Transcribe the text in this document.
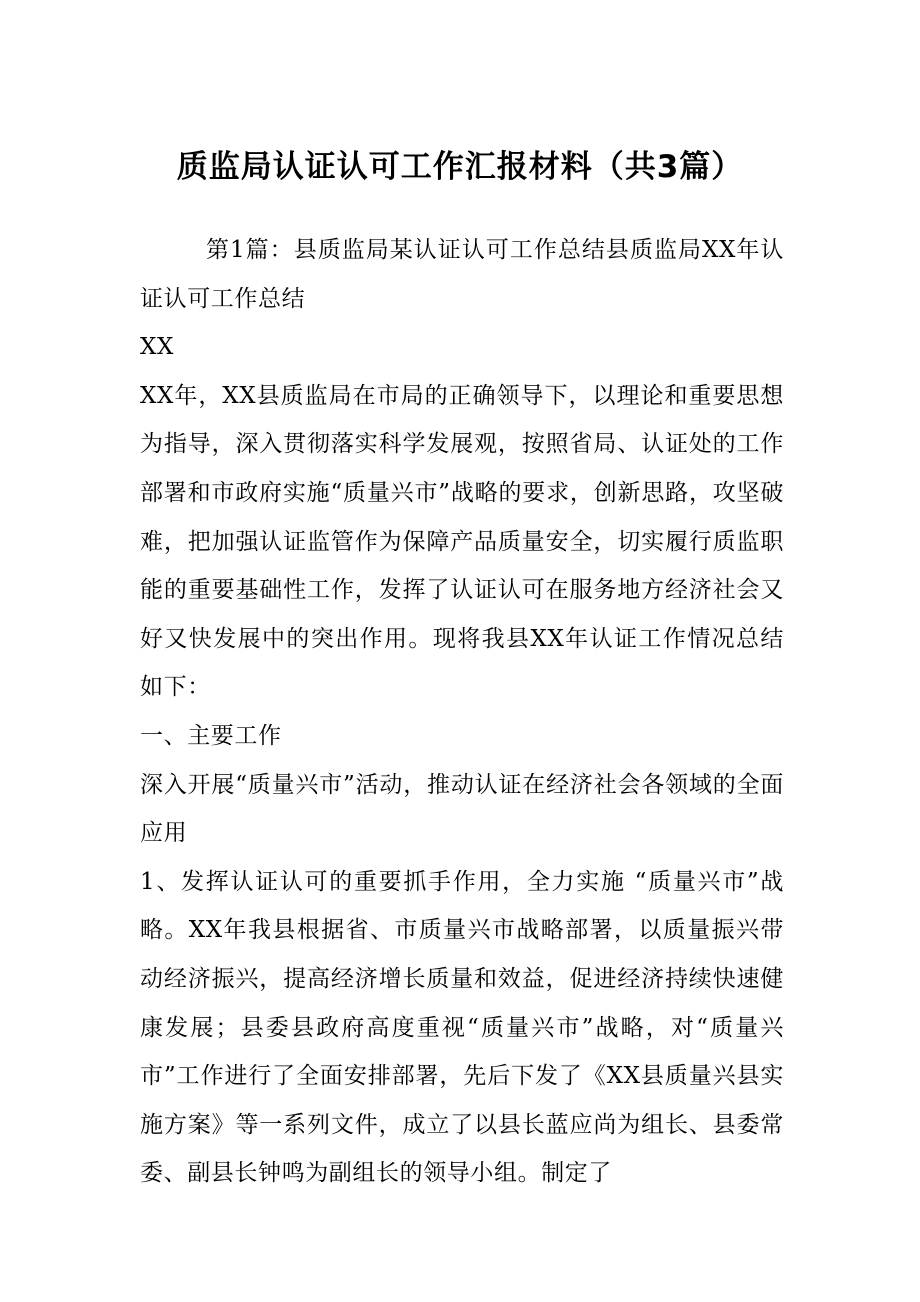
质监局认证认可工作汇报材料（共3篇）

第1篇：县质监局某认证认可工作总结县质监局XX年认证认可工作总结

XX

XX年，XX县质监局在市局的正确领导下，以理论和重要思想为指导，深入贯彻落实科学发展观，按照省局、认证处的工作部署和市政府实施“质量兴市”战略的要求，创新思路，攻坚破难，把加强认证监管作为保障产品质量安全，切实履行质监职能的重要基础性工作，发挥了认证认可在服务地方经济社会又好又快发展中的突出作用。现将我县XX年认证工作情况总结如下：

一、主要工作

深入开展“质量兴市”活动，推动认证在经济社会各领域的全面应用

1、发挥认证认可的重要抓手作用，全力实施 “质量兴市”战略。XX年我县根据省、市质量兴市战略部署，以质量振兴带动经济振兴，提高经济增长质量和效益，促进经济持续快速健康发展；县委县政府高度重视“质量兴市”战略，对“质量兴市”工作进行了全面安排部署，先后下发了《XX县质量兴县实施方案》等一系列文件，成立了以县长蓝应尚为组长、县委常委、副县长钟鸣为副组长的领导小组。制定了
